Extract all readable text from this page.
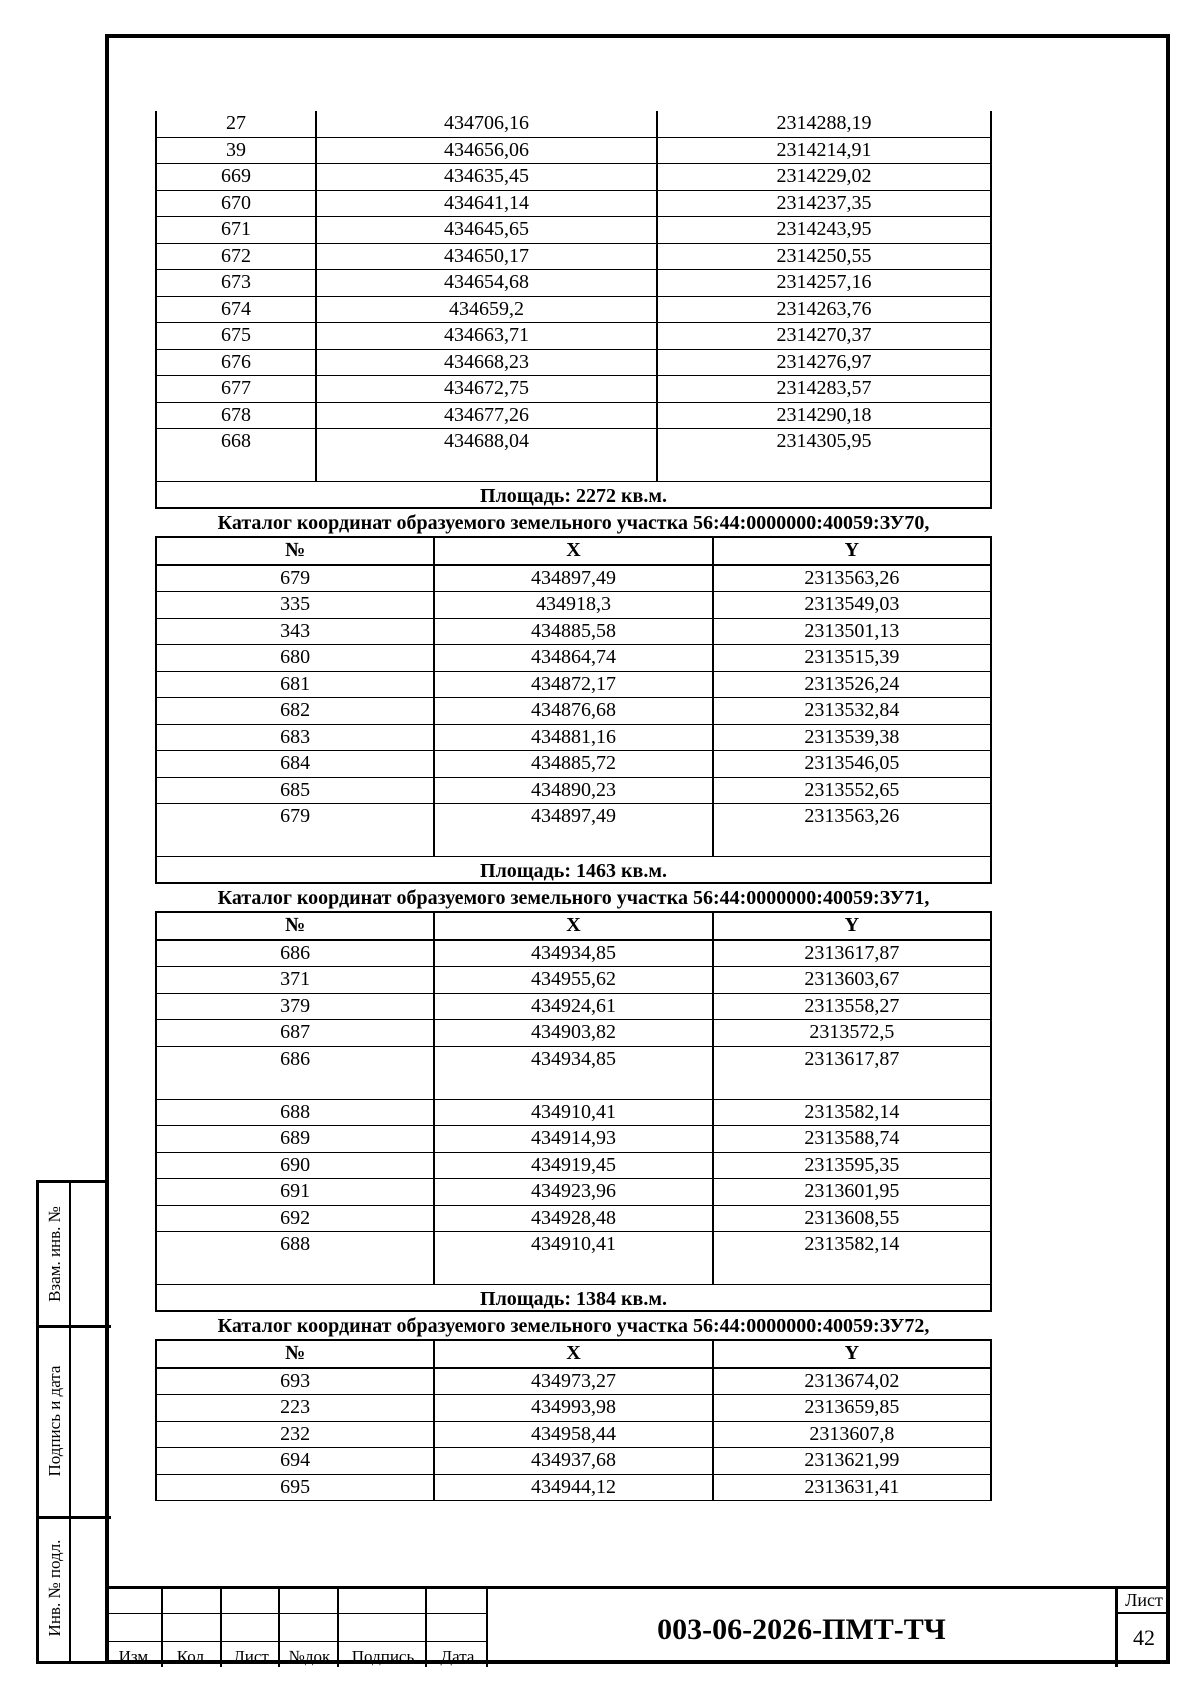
Взам. инв. №
Подпись и дата
Инв. № подл.
27	434706,16	2314288,19
39	434656,06	2314214,91
669	434635,45	2314229,02
670	434641,14	2314237,35
671	434645,65	2314243,95
672	434650,17	2314250,55
673	434654,68	2314257,16
674	434659,2	2314263,76
675	434663,71	2314270,37
676	434668,23	2314276,97
677	434672,75	2314283,57
678	434677,26	2314290,18
668	434688,04	2314305,95
Площадь: 2272 кв.м.
Каталог координат образуемого земельного участка 56:44:0000000:40059:ЗУ70,
№	X	Y
679	434897,49	2313563,26
335	434918,3	2313549,03
343	434885,58	2313501,13
680	434864,74	2313515,39
681	434872,17	2313526,24
682	434876,68	2313532,84
683	434881,16	2313539,38
684	434885,72	2313546,05
685	434890,23	2313552,65
679	434897,49	2313563,26
Площадь: 1463 кв.м.
Каталог координат образуемого земельного участка 56:44:0000000:40059:ЗУ71,
№	X	Y
686	434934,85	2313617,87
371	434955,62	2313603,67
379	434924,61	2313558,27
687	434903,82	2313572,5
686	434934,85	2313617,87
688	434910,41	2313582,14
689	434914,93	2313588,74
690	434919,45	2313595,35
691	434923,96	2313601,95
692	434928,48	2313608,55
688	434910,41	2313582,14
Площадь: 1384 кв.м.
Каталог координат образуемого земельного участка 56:44:0000000:40059:ЗУ72,
№	X	Y
693	434973,27	2313674,02
223	434993,98	2313659,85
232	434958,44	2313607,8
694	434937,68	2313621,99
695	434944,12	2313631,41
Изм.	Кол.	Лист	№док	Подпись	Дата
003-06-2026-ПМТ-ТЧ
Лист
42
